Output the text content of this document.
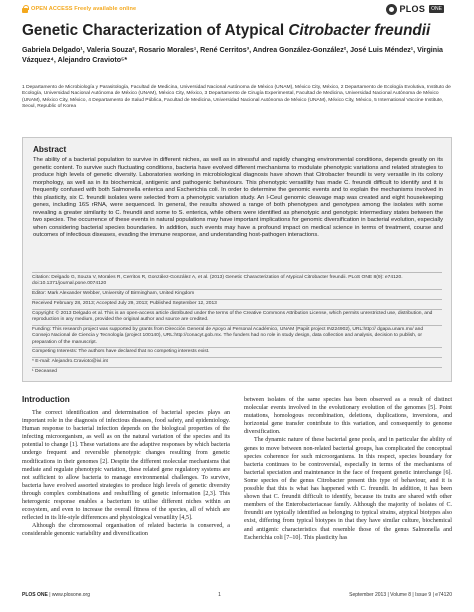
OPEN ACCESS Freely available online	PLOS	ONE
Genetic Characterization of Atypical Citrobacter freundii
Gabriela Delgado¹, Valeria Souza², Rosario Morales¹, René Cerritos³, Andrea González-González², José Luis Méndez¹, Virginia Vázquez⁴, Alejandro Cravioto⁵*
1 Departamento de Microbiología y Parasitología, Facultad de Medicina, Universidad Nacional Autónoma de México (UNAM), México City, México, 2 Departamento de Ecología Evolutiva, Instituto de Ecología, Universidad Nacional Autónoma de México (UNAM), México City, México, 3 Departamento de Cirugía Experimental, Facultad de Medicina, Universidad Nacional Autónoma de México (UNAM), México City, México, 4 Departamento de Salud Pública, Facultad de Medicina, Universidad Nacional Autónoma de México (UNAM), México City, México, 5 International Vaccine Institute, Seoul, Republic of Korea
Abstract

The ability of a bacterial population to survive in different niches, as well as in stressful and rapidly changing environmental conditions, depends greatly on its genetic content. To survive such fluctuating conditions, bacteria have evolved different mechanisms to modulate phenotypic variations and related strategies to produce high levels of genetic diversity. Laboratories working in microbiological diagnosis have shown that Citrobacter freundii is very versatile in its colony morphology, as well as in its biochemical, antigenic and pathogenic behaviours. This phenotypic versatility has made C. freundii difficult to identify and it is frequently confused with both Salmonella enterica and Escherichia coli. In order to determine the genomic events and to explain the mechanisms involved in this plasticity, six C. freundii isolates were selected from a phenotypic variation study. An I-CeuI genomic cleavage map was created and eight housekeeping genes, including 16S rRNA, were sequenced. In general, the results showed a range of both phenotypes and genotypes among the isolates with some revealing a greater similarity to C. freundii and some to S. enterica, while others were identified as phenotypic and genotypic intermediary states between the two species. The occurrence of these events in natural populations may have important implications for genomic diversification in bacterial evolution, especially when considering bacterial species boundaries. In addition, such events may have a profound impact on medical science in terms of treatment, course and outcomes of infectious diseases, evading the immune response, and understanding host-pathogen interactions.

Citation: Delgado G, Souza V, Morales R, Cerritos R, González-González A, et al. (2013) Genetic Characterization of Atypical Citrobacter freundii. PLoS ONE 8(9): e74120. doi:10.1371/journal.pone.0074120
Editor: Mark Alexander Webber, University of Birmingham, United Kingdom
Received February 28, 2013; Accepted July 29, 2013; Published September 12, 2013
Copyright: © 2013 Delgado et al. This is an open-access article distributed under the terms of the Creative Commons Attribution License, which permits unrestricted use, distribution, and reproduction in any medium, provided the original author and source are credited.
Funding: This research project was supported by grants from Dirección General de Apoyo al Personal Académico, UNAM (Papiit project IN224902), URL:http:// dgapa.unam.mx/ and Consejo Nacional de Ciencia y Tecnología (project 100140), URL:http://conacyt.gob.mx. The funders had no role in study design, data collection and analysis, decision to publish, or preparation of the manuscript.
Competing Interests: The authors have declared that no competing interests exist.
* E-mail: Alejandro.Cravioto@ivi.int
¹ Deceased
Introduction

The correct identification and determination of bacterial species plays an important role in the diagnosis of infectious diseases, food safety, and epidemiology. Human response to bacterial infection depends on the biological properties of the infecting microorganism, as well as on the natural variation of the species and its potential to change [1]. These variations are the adaptive responses by which bacteria undergo frequent and reversible phenotypic changes resulting from genetic modifications in their genomes [2]. Despite the different molecular mechanisms that mediate and regulate phenotypic variation, these related gene regulatory systems are not sufficient to allow bacteria to manage environmental challenges. To survive, bacteria have evolved assorted strategies to produce high levels of genetic diversity through complex combinations and reshuffling of genetic information [2,3]. This heterogenic response enables a bacterium to utilise different niches within an ecosystem, and even to increase the overall fitness of the species, all of which are reflected in its life-style differences and physiological versatility [4,5].

Although the chromosomal organisation of related bacteria is conserved, a considerable genomic variability and diversification

between isolates of the same species has been observed as a result of distinct molecular events involved in the evolutionary evolution of the genomes [5]. Point mutations, homologous recombination, deletions, duplications, inversions, and horizontal gene transfer contribute to this variation, and consequently to genome diversification.

The dynamic nature of these bacterial gene pools, and in particular the ability of genes to move between non-related bacterial groups, has complicated the conceptual species coherence for such microorganisms. In this respect, species boundary for bacteria continues to be controversial, especially in terms of the mechanisms of bacterial speciation and maintenance in the face of frequent genetic interchange [6]. Some species of the genus Citrobacter present this type of behaviour, and it is possible that this is what has happened with C. freundii. In addition, it has been shown that C. freundii difficult to identify, because its traits are shared with other members of the Enterobacteriaceae family. Although the majority of isolates of C. freundii are typically identified as belonging to typical strains, atypical biotypes also exist, differing from typical biotypes in that they have similar culture, biochemical and antigenic characteristics that resemble those of the genus Salmonella and Escherichia coli [7–10]. This plasticity has

PLOS ONE | www.plosone.org	1	September 2013 | Volume 8 | Issue 9 | e74120
